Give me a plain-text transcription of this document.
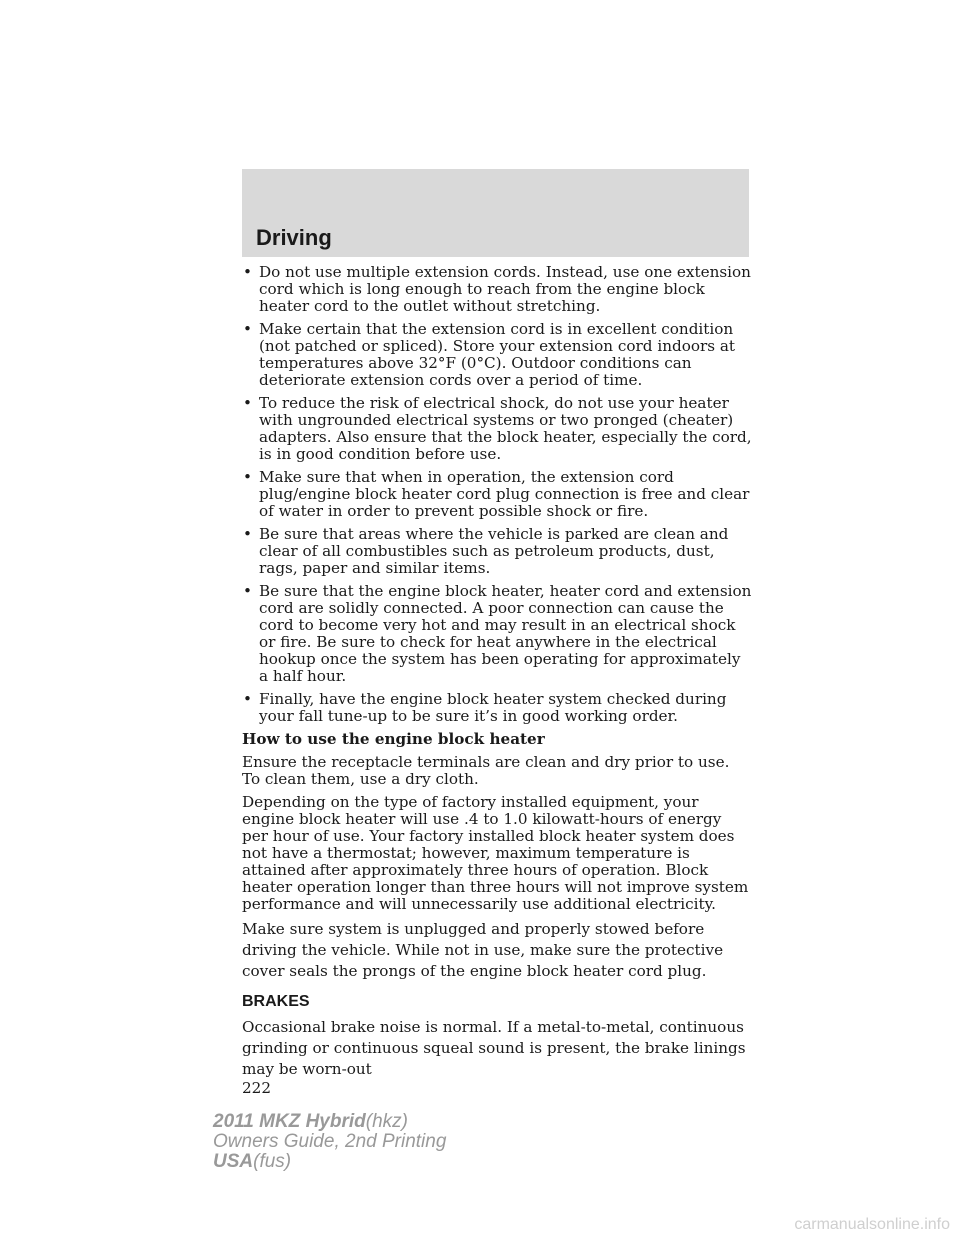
Driving
• Do not use multiple extension cords. Instead, use one extension cord which is long enough to reach from the engine block heater cord to the outlet without stretching.
• Make certain that the extension cord is in excellent condition (not patched or spliced). Store your extension cord indoors at temperatures above 32°F (0°C). Outdoor conditions can deteriorate extension cords over a period of time.
• To reduce the risk of electrical shock, do not use your heater with ungrounded electrical systems or two pronged (cheater) adapters. Also ensure that the block heater, especially the cord, is in good condition before use.
• Make sure that when in operation, the extension cord plug/engine block heater cord plug connection is free and clear of water in order to prevent possible shock or fire.
• Be sure that areas where the vehicle is parked are clean and clear of all combustibles such as petroleum products, dust, rags, paper and similar items.
• Be sure that the engine block heater, heater cord and extension cord are solidly connected. A poor connection can cause the cord to become very hot and may result in an electrical shock or fire. Be sure to check for heat anywhere in the electrical hookup once the system has been operating for approximately a half hour.
• Finally, have the engine block heater system checked during your fall tune-up to be sure it’s in good working order.

How to use the engine block heater

Ensure the receptacle terminals are clean and dry prior to use. To clean them, use a dry cloth.

Depending on the type of factory installed equipment, your engine block heater will use .4 to 1.0 kilowatt-hours of energy per hour of use. Your factory installed block heater system does not have a thermostat; however, maximum temperature is attained after approximately three hours of operation. Block heater operation longer than three hours will not improve system performance and will unnecessarily use additional electricity.

Make sure system is unplugged and properly stowed before driving the vehicle. While not in use, make sure the protective cover seals the prongs of the engine block heater cord plug.

BRAKES

Occasional brake noise is normal. If a metal-to-metal, continuous grinding or continuous squeal sound is present, the brake linings may be worn-out

222

2011 MKZ Hybrid(hkz)
Owners Guide, 2nd Printing
USA(fus)
carmanualsonline.info
